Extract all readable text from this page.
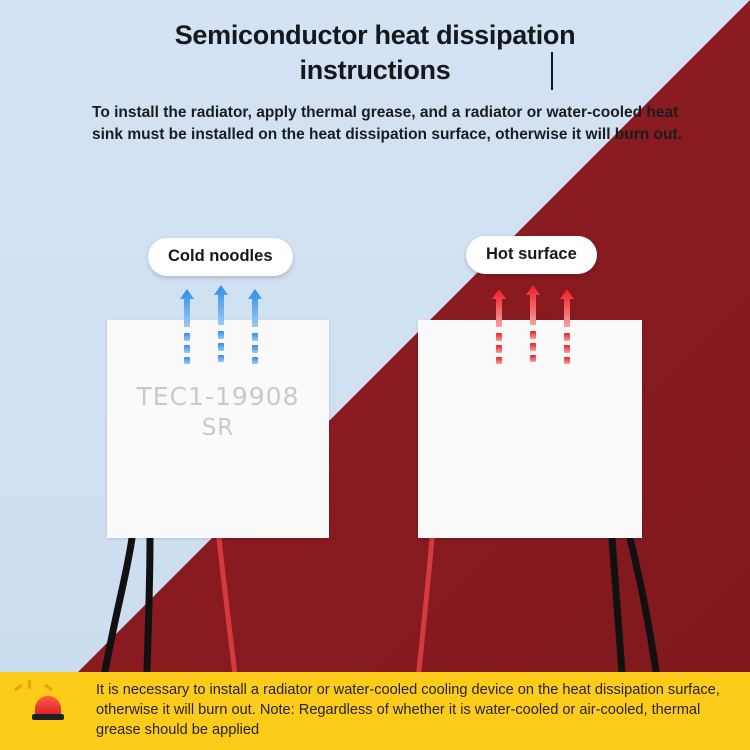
Semiconductor heat dissipation instructions
To install the radiator, apply thermal grease, and a radiator or water-cooled heat sink must be installed on the heat dissipation surface, otherwise it will burn out.
Cold noodles	Hot surface
TEC1-19908
SR
It is necessary to install a radiator or water-cooled cooling device on the heat dissipation surface, otherwise it will burn out. Note: Regardless of whether it is water-cooled or air-cooled, thermal grease should be applied
